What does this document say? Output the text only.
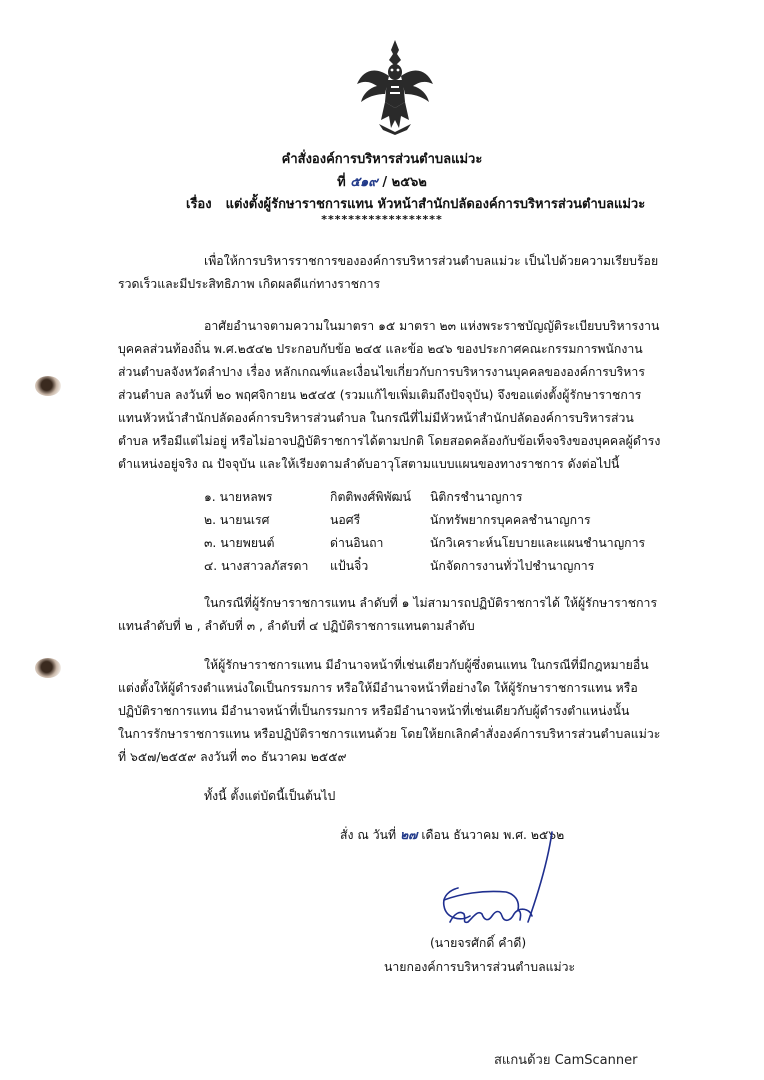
คำสั่งองค์การบริหารส่วนตำบลแม่วะ
ที่ ๕๑๙ / ๒๕๖๒
เรื่อง แต่งตั้งผู้รักษาราชการแทน หัวหน้าสำนักปลัดองค์การบริหารส่วนตำบลแม่วะ
******************
เพื่อให้การบริหารราชการขององค์การบริหารส่วนตำบลแม่วะ เป็นไปด้วยความเรียบร้อย
รวดเร็วและมีประสิทธิภาพ เกิดผลดีแก่ทางราชการ
อาศัยอำนาจตามความในมาตรา ๑๕ มาตรา ๒๓ แห่งพระราชบัญญัติระเบียบบริหารงาน
บุคคลส่วนท้องถิ่น พ.ศ.๒๕๔๒ ประกอบกับข้อ ๒๔๕ และข้อ ๒๔๖ ของประกาศคณะกรรมการพนักงาน
ส่วนตำบลจังหวัดลำปาง เรื่อง หลักเกณฑ์และเงื่อนไขเกี่ยวกับการบริหารงานบุคคลขององค์การบริหาร
ส่วนตำบล ลงวันที่ ๒๐ พฤศจิกายน ๒๕๔๕ (รวมแก้ไขเพิ่มเติมถึงปัจจุบัน) จึงขอแต่งตั้งผู้รักษาราชการ
แทนหัวหน้าสำนักปลัดองค์การบริหารส่วนตำบล ในกรณีที่ไม่มีหัวหน้าสำนักปลัดองค์การบริหารส่วน
ตำบล หรือมีแต่ไม่อยู่ หรือไม่อาจปฏิบัติราชการได้ตามปกติ โดยสอดคล้องกับข้อเท็จจริงของบุคคลผู้ดำรง
ตำแหน่งอยู่จริง ณ ปัจจุบัน และให้เรียงตามลำดับอาวุโสตามแบบแผนของทางราชการ ดังต่อไปนี้
๑. นายหลพร	กิตติพงศ์พิพัฒน์	นิติกรชำนาญการ
๒. นายนเรศ	นอศรี	นักทรัพยากรบุคคลชำนาญการ
๓. นายพยนต์	ด่านอินถา	นักวิเคราะห์นโยบายและแผนชำนาญการ
๔. นางสาวลภัสรดา	แป้นจิ๋ว	นักจัดการงานทั่วไปชำนาญการ
ในกรณีที่ผู้รักษาราชการแทน ลำดับที่ ๑ ไม่สามารถปฏิบัติราชการได้ ให้ผู้รักษาราชการ
แทนลำดับที่ ๒ , ลำดับที่ ๓ , ลำดับที่ ๔ ปฏิบัติราชการแทนตามลำดับ
ให้ผู้รักษาราชการแทน มีอำนาจหน้าที่เช่นเดียวกับผู้ซึ่งตนแทน ในกรณีที่มีกฎหมายอื่น
แต่งตั้งให้ผู้ดำรงตำแหน่งใดเป็นกรรมการ หรือให้มีอำนาจหน้าที่อย่างใด ให้ผู้รักษาราชการแทน หรือ
ปฏิบัติราชการแทน มีอำนาจหน้าที่เป็นกรรมการ หรือมีอำนาจหน้าที่เช่นเดียวกับผู้ดำรงตำแหน่งนั้น
ในการรักษาราชการแทน หรือปฏิบัติราชการแทนด้วย โดยให้ยกเลิกคำสั่งองค์การบริหารส่วนตำบลแม่วะ
ที่ ๖๕๗/๒๕๕๙ ลงวันที่ ๓๐ ธันวาคม ๒๕๕๙
ทั้งนี้ ตั้งแต่บัดนี้เป็นต้นไป
สั่ง ณ วันที่ ๒๗ เดือน ธันวาคม พ.ศ. ๒๕๖๒
(นายจรศักดิ์ คำดี)
นายกองค์การบริหารส่วนตำบลแม่วะ
สแกนด้วย CamScanner
